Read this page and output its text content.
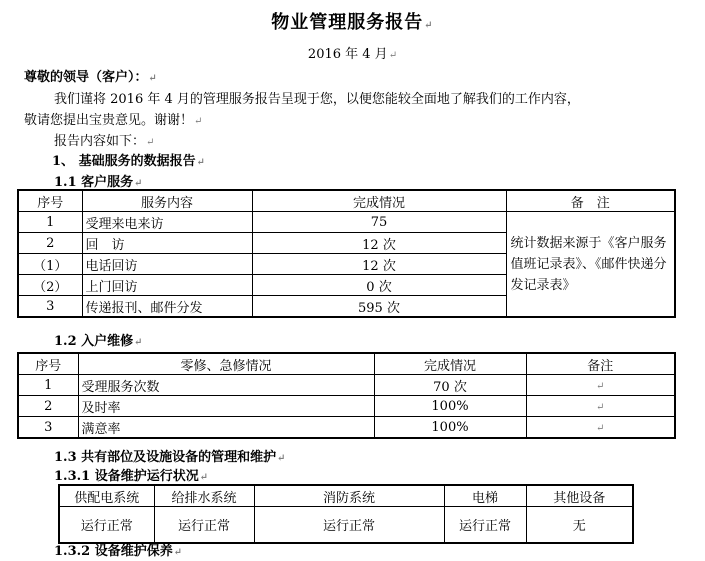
物业管理服务报告↵
2016 年 4 月↵
尊敬的领导（客户）：↵
我们谨将 2016 年 4 月的管理服务报告呈现于您，以便您能较全面地了解我们的工作内容，
敬请您提出宝贵意见。谢谢！↵
报告内容如下：↵
1、 基础服务的数据报告↵
1.1 客户服务↵
序号	服务内容	完成情况	备　注
1	受理来电来访	75	统计数据来源于《客户服务值班记录表》、《邮件快递分发记录表》
2	回　访	12 次	
（1）	电话回访	12 次	
（2）	上门回访	0 次	
3	传递报刊、邮件分发	595 次	
1.2 入户维修↵
序号	零修、急修情况	完成情况	备注
1	受理服务次数	70 次	↵
2	及时率	100%	↵
3	满意率	100%	↵
1.3 共有部位及设施设备的管理和维护↵
1.3.1 设备维护运行状况↵
供配电系统	给排水系统	消防系统	电梯	其他设备
运行正常	运行正常	运行正常	运行正常	无
1.3.2 设备维护保养↵
